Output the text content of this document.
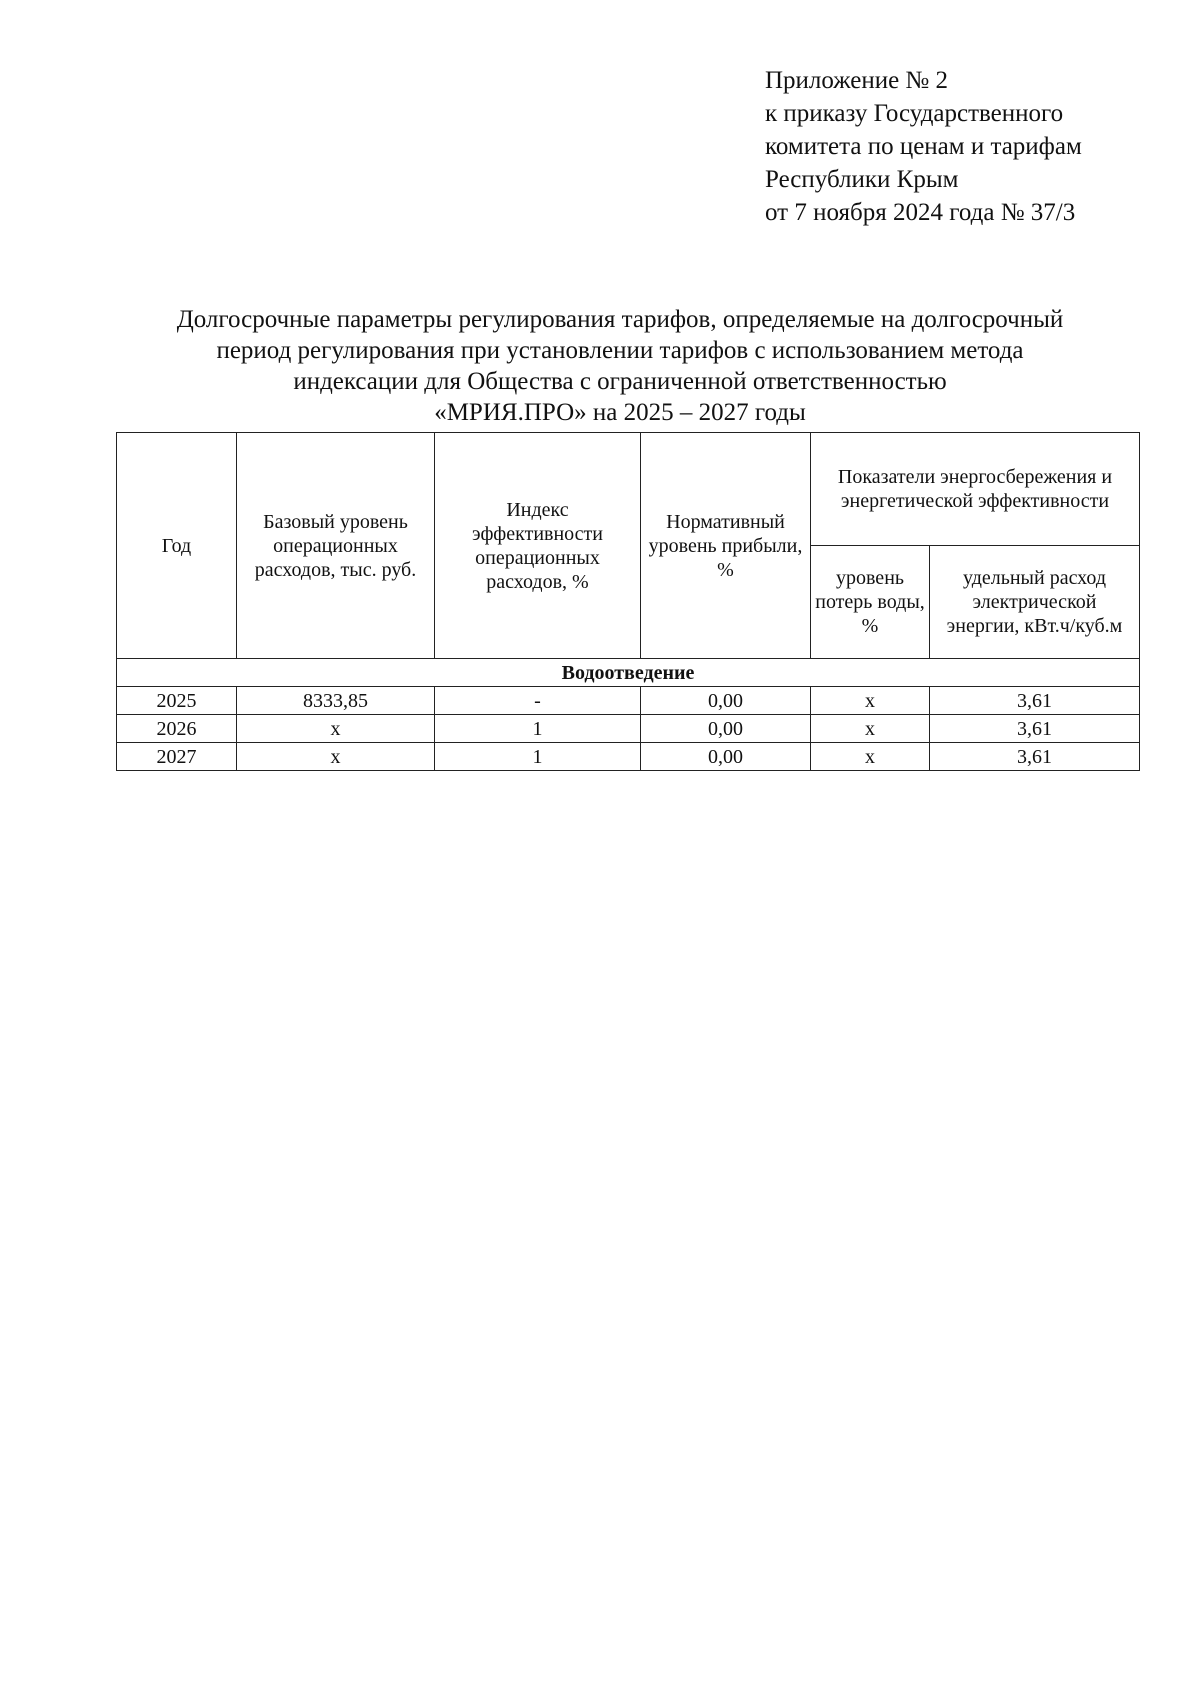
Приложение № 2
к приказу Государственного
комитета по ценам и тарифам
Республики Крым
от 7 ноября 2024 года № 37/3
Долгосрочные параметры регулирования тарифов, определяемые на долгосрочный
период регулирования при установлении тарифов с использованием метода
индексации для Общества с ограниченной ответственностью
«МРИЯ.ПРО» на 2025 – 2027 годы
Год	Базовый уровень операционных расходов, тыс. руб.	Индекс эффективности операционных расходов, %	Нормативный уровень прибыли, %	Показатели энергосбережения и энергетической эффективности	
				уровень потерь воды, %	удельный расход электрической энергии, кВт.ч/куб.м
Водоотведение					
2025	8333,85	-	0,00	х	3,61
2026	х	1	0,00	х	3,61
2027	х	1	0,00	х	3,61
